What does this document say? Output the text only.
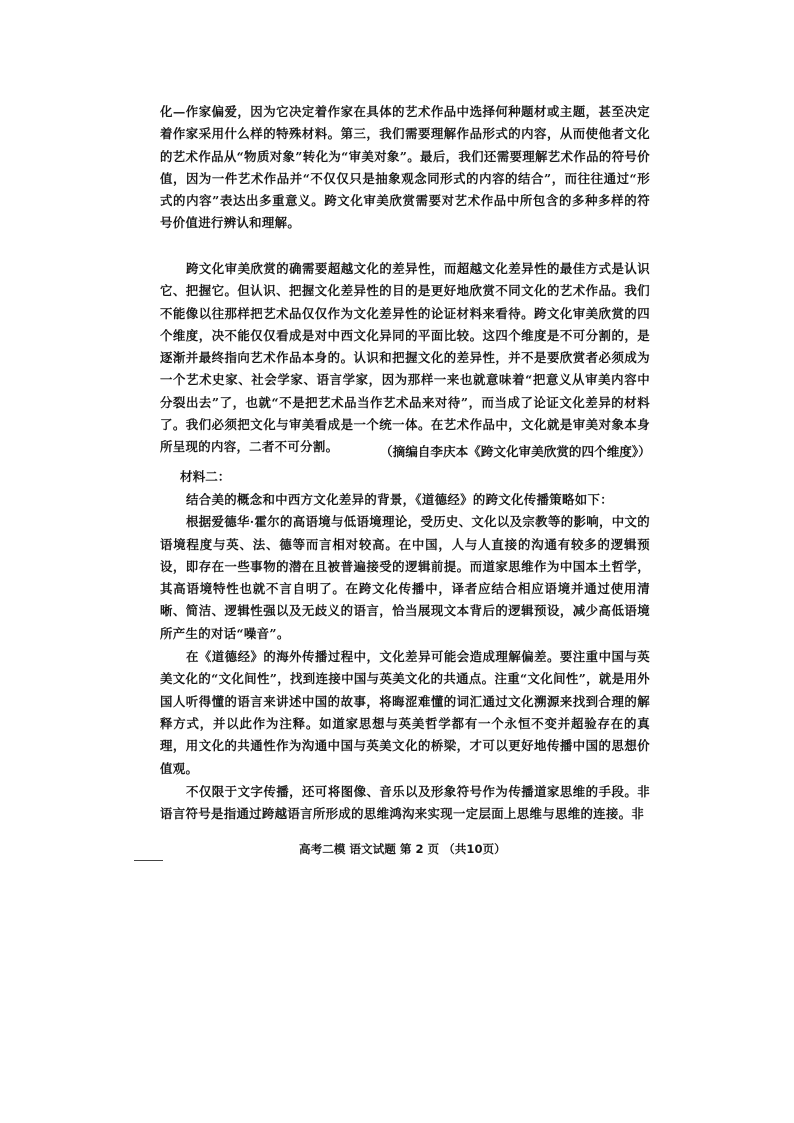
化—作家偏爱，因为它决定着作家在具体的艺术作品中选择何种题材或主题，甚至决定着作家采用什么样的特殊材料。第三，我们需要理解作品形式的内容，从而使他者文化的艺术作品从“物质对象”转化为“审美对象”。最后，我们还需要理解艺术作品的符号价值，因为一件艺术作品并“不仅仅只是抽象观念同形式的内容的结合”，而往往通过“形式的内容”表达出多重意义。跨文化审美欣赏需要对艺术作品中所包含的多种多样的符号价值进行辨认和理解。

跨文化审美欣赏的确需要超越文化的差异性，而超越文化差异性的最佳方式是认识它、把握它。但认识、把握文化差异性的目的是更好地欣赏不同文化的艺术作品。我们不能像以往那样把艺术品仅仅作为文化差异性的论证材料来看待。跨文化审美欣赏的四个维度，决不能仅仅看成是对中西文化异同的平面比较。这四个维度是不可分割的，是逐渐并最终指向艺术作品本身的。认识和把握文化的差异性，并不是要欣赏者必须成为一个艺术史家、社会学家、语言学家，因为那样一来也就意味着“把意义从审美内容中分裂出去”了，也就“不是把艺术品当作艺术品来对待”，而当成了论证文化差异的材料了。我们必须把文化与审美看成是一个统一体。在艺术作品中，文化就是审美对象本身所呈现的内容，二者不可分割。	（摘编自李庆本《跨文化审美欣赏的四个维度》）
材料二：

结合美的概念和中西方文化差异的背景，《道德经》的跨文化传播策略如下：

根据爱德华·霍尔的高语境与低语境理论，受历史、文化以及宗教等的影响，中文的语境程度与英、法、德等而言相对较高。在中国，人与人直接的沟通有较多的逻辑预设，即存在一些事物的潜在且被普遍接受的逻辑前提。而道家思维作为中国本土哲学，其高语境特性也就不言自明了。在跨文化传播中，译者应结合相应语境并通过使用清晰、简洁、逻辑性强以及无歧义的语言，恰当展现文本背后的逻辑预设，减少高低语境所产生的对话“噪音”。

在《道德经》的海外传播过程中，文化差异可能会造成理解偏差。要注重中国与英美文化的“文化间性”，找到连接中国与英美文化的共通点。注重“文化间性”，就是用外国人听得懂的语言来讲述中国的故事，将晦涩难懂的词汇通过文化溯源来找到合理的解释方式，并以此作为注释。如道家思想与英美哲学都有一个永恒不变并超验存在的真理，用文化的共通性作为沟通中国与英美文化的桥梁，才可以更好地传播中国的思想价值观。

不仅限于文字传播，还可将图像、音乐以及形象符号作为传播道家思维的手段。非语言符号是指通过跨越语言所形成的思维鸿沟来实现一定层面上思维与思维的连接。非

高考二模 语文试题 第 2 页 （共10页）
